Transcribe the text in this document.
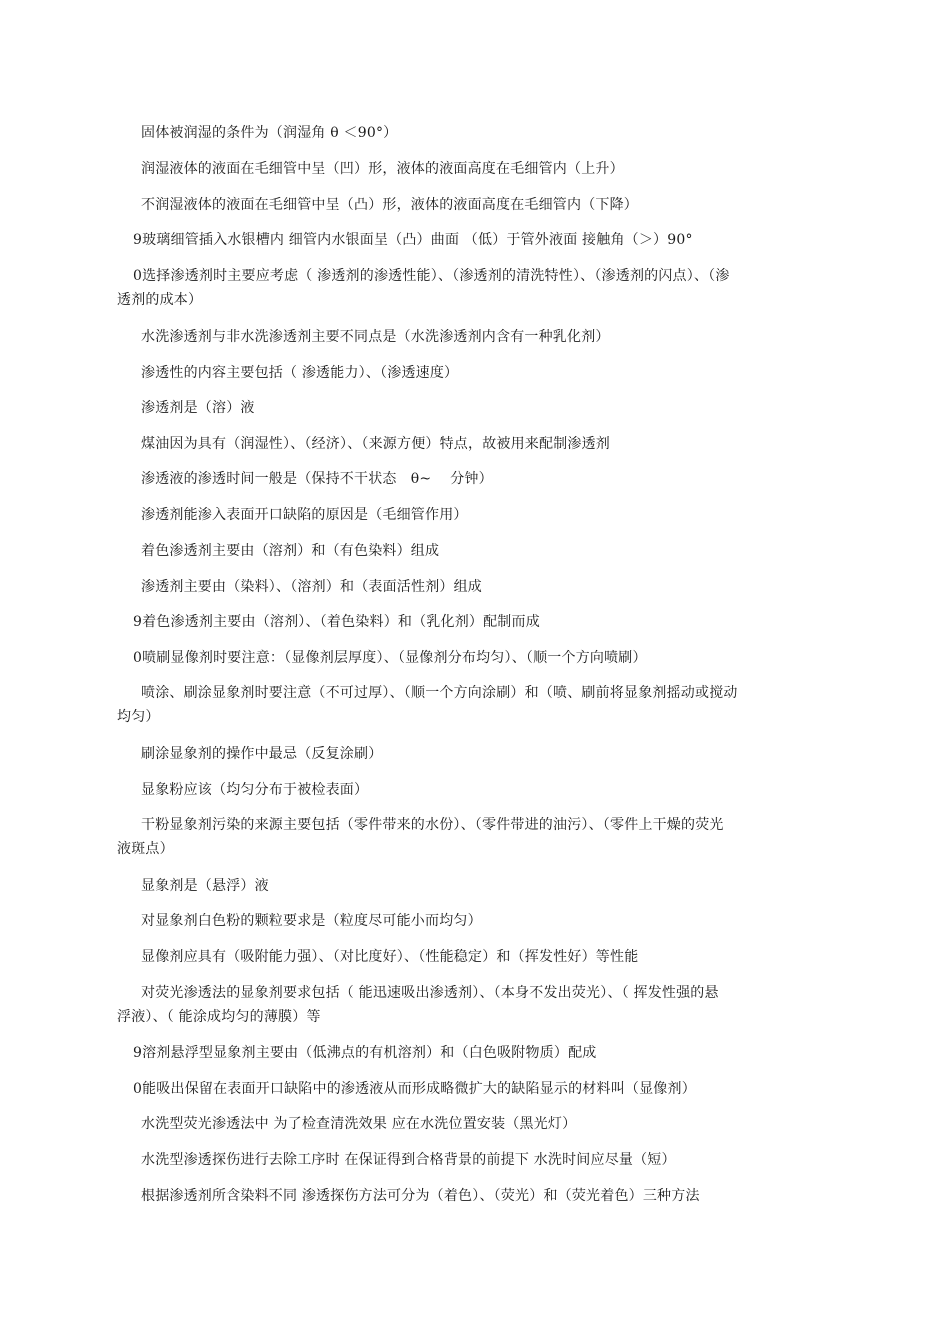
固体被润湿的条件为（润湿角 θ ＜90°）
润湿液体的液面在毛细管中呈（凹）形，液体的液面高度在毛细管内（上升）
不润湿液体的液面在毛细管中呈（凸）形，液体的液面高度在毛细管内（下降）
9玻璃细管插入水银槽内 细管内水银面呈（凸）曲面 （低）于管外液面 接触角（＞）90°
0选择渗透剂时主要应考虑（ 渗透剂的渗透性能）、（渗透剂的清洗特性）、（渗透剂的闪点）、（渗
透剂的成本）
水洗渗透剂与非水洗渗透剂主要不同点是（水洗渗透剂内含有一种乳化剂）
渗透性的内容主要包括（ 渗透能力）、（渗透速度）
渗透剂是（溶）液
煤油因为具有（润湿性）、（经济）、（来源方便）特点，故被用来配制渗透剂
渗透液的渗透时间一般是（保持不干状态　θ~　 分钟）
渗透剂能渗入表面开口缺陷的原因是（毛细管作用）
着色渗透剂主要由（溶剂）和（有色染料）组成
渗透剂主要由（染料）、（溶剂）和（表面活性剂）组成
9着色渗透剂主要由（溶剂）、（着色染料）和（乳化剂）配制而成
0喷刷显像剂时要注意：（显像剂层厚度）、（显像剂分布均匀）、（顺一个方向喷刷）
喷涂、刷涂显象剂时要注意（不可过厚）、（顺一个方向涂刷）和（喷、刷前将显象剂摇动或搅动
均匀）
刷涂显象剂的操作中最忌（反复涂刷）
显象粉应该（均匀分布于被检表面）
干粉显象剂污染的来源主要包括（零件带来的水份）、（零件带进的油污）、（零件上干燥的荧光
液斑点）
显象剂是（悬浮）液
对显象剂白色粉的颗粒要求是（粒度尽可能小而均匀）
显像剂应具有（吸附能力强）、（对比度好）、（性能稳定）和（挥发性好）等性能
对荧光渗透法的显象剂要求包括（ 能迅速吸出渗透剂）、（本身不发出荧光）、（ 挥发性强的悬
浮液）、（ 能涂成均匀的薄膜）等
9溶剂悬浮型显象剂主要由（低沸点的有机溶剂）和（白色吸附物质）配成
0能吸出保留在表面开口缺陷中的渗透液从而形成略微扩大的缺陷显示的材料叫（显像剂）
水洗型荧光渗透法中 为了检查清洗效果 应在水洗位置安装（黑光灯）
水洗型渗透探伤进行去除工序时 在保证得到合格背景的前提下 水洗时间应尽量（短）
根据渗透剂所含染料不同 渗透探伤方法可分为（着色）、（荧光）和（荧光着色）三种方法
